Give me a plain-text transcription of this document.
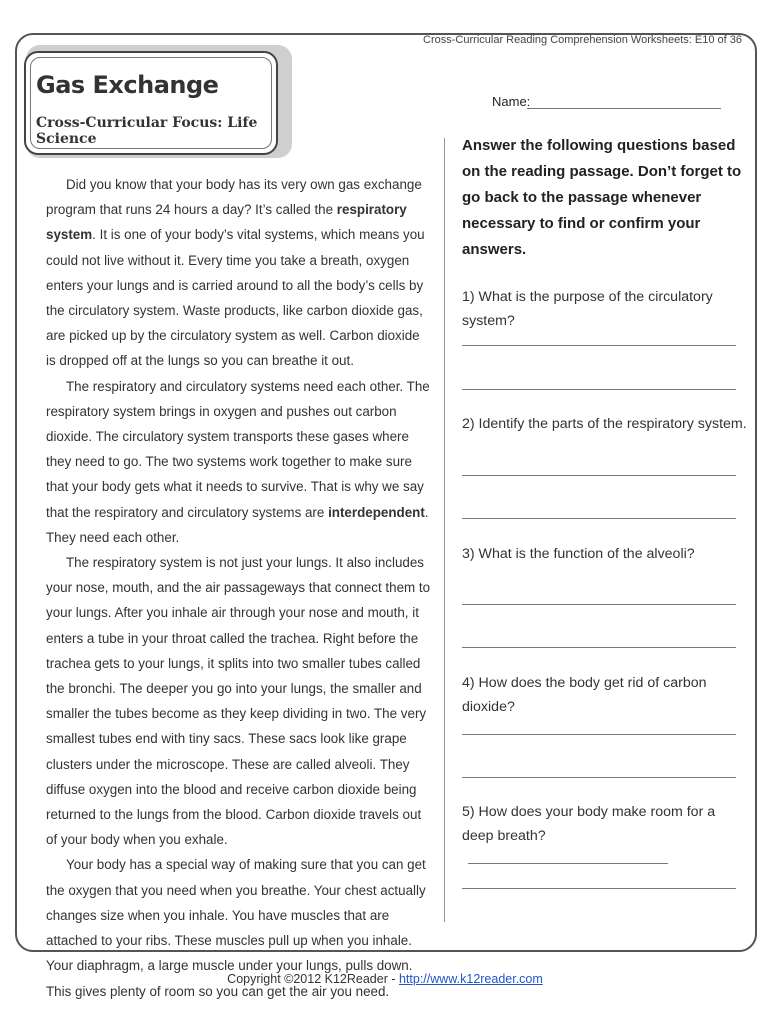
Cross-Curricular Reading Comprehension Worksheets: E10 of 36
Gas Exchange
Cross-Curricular Focus: Life Science
Name:
Answer the following questions based on the reading passage. Don’t forget to go back to the passage whenever necessary to find or confirm your answers.

Did you know that your body has its very own gas exchange program that runs 24 hours a day? It’s called the respiratory system. It is one of your body’s vital systems, which means you could not live without it. Every time you take a breath, oxygen enters your lungs and is carried around to all the body’s cells by the circulatory system. Waste products, like carbon dioxide gas, are picked up by the circulatory system as well. Carbon dioxide is dropped off at the lungs so you can breathe it out.

The respiratory and circulatory systems need each other. The respiratory system brings in oxygen and pushes out carbon dioxide. The circulatory system transports these gases where they need to go. The two systems work together to make sure that your body gets what it needs to survive. That is why we say that the respiratory and circulatory systems are interdependent. They need each other.

The respiratory system is not just your lungs. It also includes your nose, mouth, and the air passageways that connect them to your lungs. After you inhale air through your nose and mouth, it enters a tube in your throat called the trachea. Right before the trachea gets to your lungs, it splits into two smaller tubes called the bronchi. The deeper you go into your lungs, the smaller and smaller the tubes become as they keep dividing in two. The very smallest tubes end with tiny sacs. These sacs look like grape clusters under the microscope. These are called alveoli. They diffuse oxygen into the blood and receive carbon dioxide being returned to the lungs from the blood. Carbon dioxide travels out of your body when you exhale.

Your body has a special way of making sure that you can get the oxygen that you need when you breathe. Your chest actually changes size when you inhale. You have muscles that are attached to your ribs. These muscles pull up when you inhale. Your diaphragm, a large muscle under your lungs, pulls down. This gives plenty of room so you can get the air you need.

1) What is the purpose of the circulatory system?
2) Identify the parts of the respiratory system.
3) What is the function of the alveoli?
4) How does the body get rid of carbon dioxide?
5) How does your body make room for a deep breath?
Copyright ©2012 K12Reader - http://www.k12reader.com
